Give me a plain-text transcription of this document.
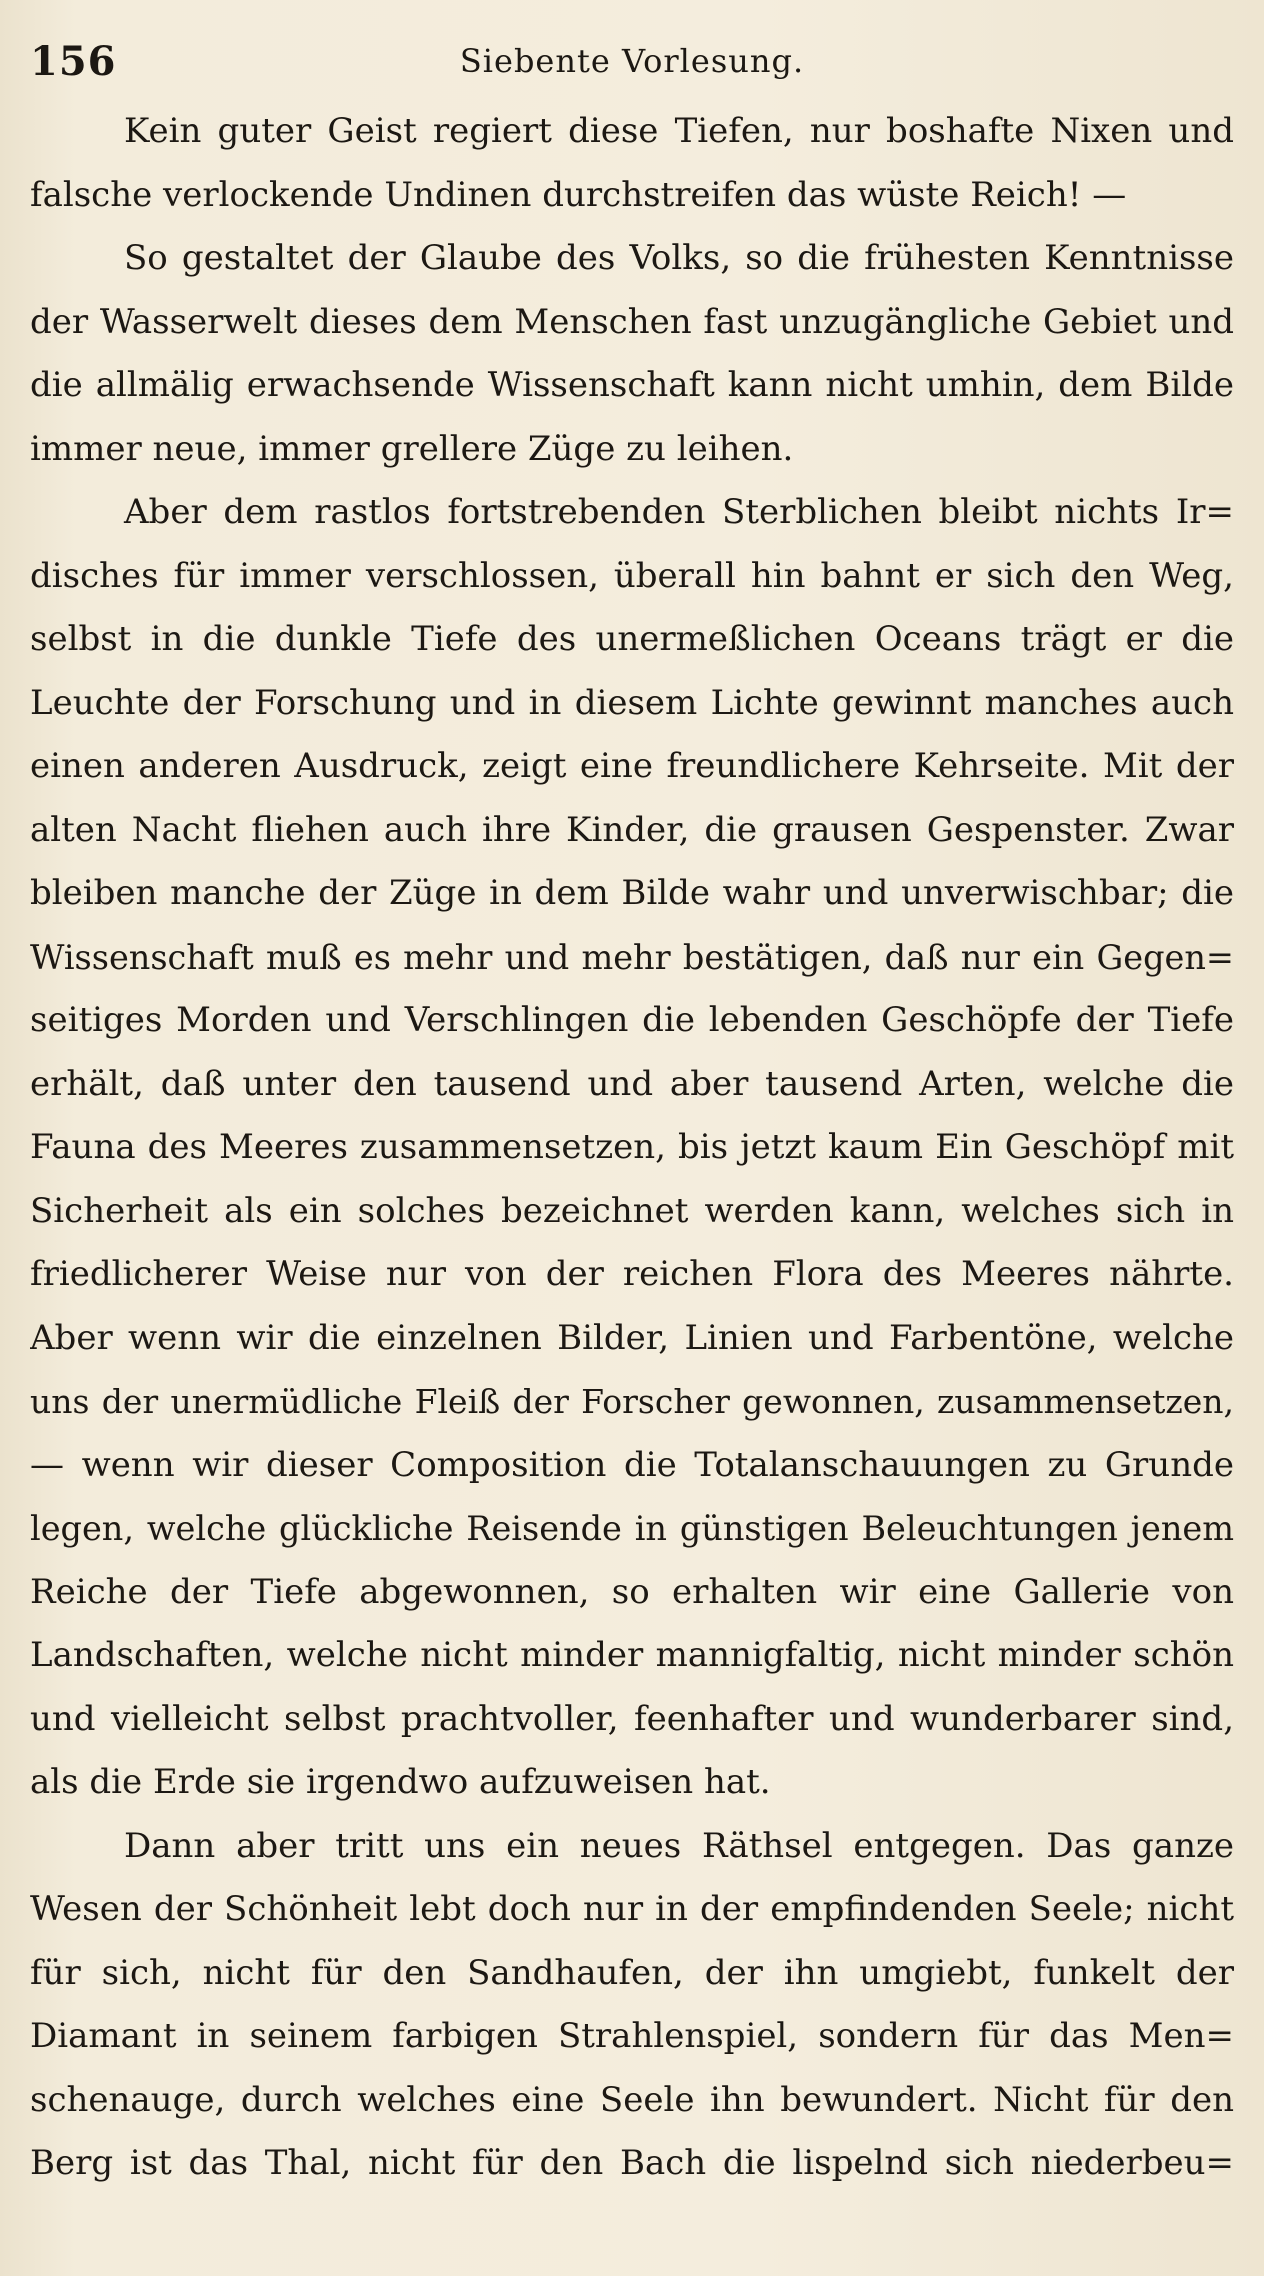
156	Siebente Vorlesung.
Kein guter Geist regiert diese Tiefen, nur boshafte Nixen und
falsche verlockende Undinen durchstreifen das wüste Reich! —
So gestaltet der Glaube des Volks, so die frühesten Kenntnisse
der Wasserwelt dieses dem Menschen fast unzugängliche Gebiet und
die allmälig erwachsende Wissenschaft kann nicht umhin, dem Bilde
immer neue, immer grellere Züge zu leihen.
Aber dem rastlos fortstrebenden Sterblichen bleibt nichts Ir=
disches für immer verschlossen, überall hin bahnt er sich den Weg,
selbst in die dunkle Tiefe des unermeßlichen Oceans trägt er die
Leuchte der Forschung und in diesem Lichte gewinnt manches auch
einen anderen Ausdruck, zeigt eine freundlichere Kehrseite. Mit der
alten Nacht fliehen auch ihre Kinder, die grausen Gespenster. Zwar
bleiben manche der Züge in dem Bilde wahr und unverwischbar; die
Wissenschaft muß es mehr und mehr bestätigen, daß nur ein Gegen=
seitiges Morden und Verschlingen die lebenden Geschöpfe der Tiefe
erhält, daß unter den tausend und aber tausend Arten, welche die
Fauna des Meeres zusammensetzen, bis jetzt kaum Ein Geschöpf mit
Sicherheit als ein solches bezeichnet werden kann, welches sich in
friedlicherer Weise nur von der reichen Flora des Meeres nährte.
Aber wenn wir die einzelnen Bilder, Linien und Farbentöne, welche
uns der unermüdliche Fleiß der Forscher gewonnen, zusammensetzen,
— wenn wir dieser Composition die Totalanschauungen zu Grunde
legen, welche glückliche Reisende in günstigen Beleuchtungen jenem
Reiche der Tiefe abgewonnen, so erhalten wir eine Gallerie von
Landschaften, welche nicht minder mannigfaltig, nicht minder schön
und vielleicht selbst prachtvoller, feenhafter und wunderbarer sind,
als die Erde sie irgendwo aufzuweisen hat.
Dann aber tritt uns ein neues Räthsel entgegen. Das ganze
Wesen der Schönheit lebt doch nur in der empfindenden Seele; nicht
für sich, nicht für den Sandhaufen, der ihn umgiebt, funkelt der
Diamant in seinem farbigen Strahlenspiel, sondern für das Men=
schenauge, durch welches eine Seele ihn bewundert. Nicht für den
Berg ist das Thal, nicht für den Bach die lispelnd sich niederbeu=
